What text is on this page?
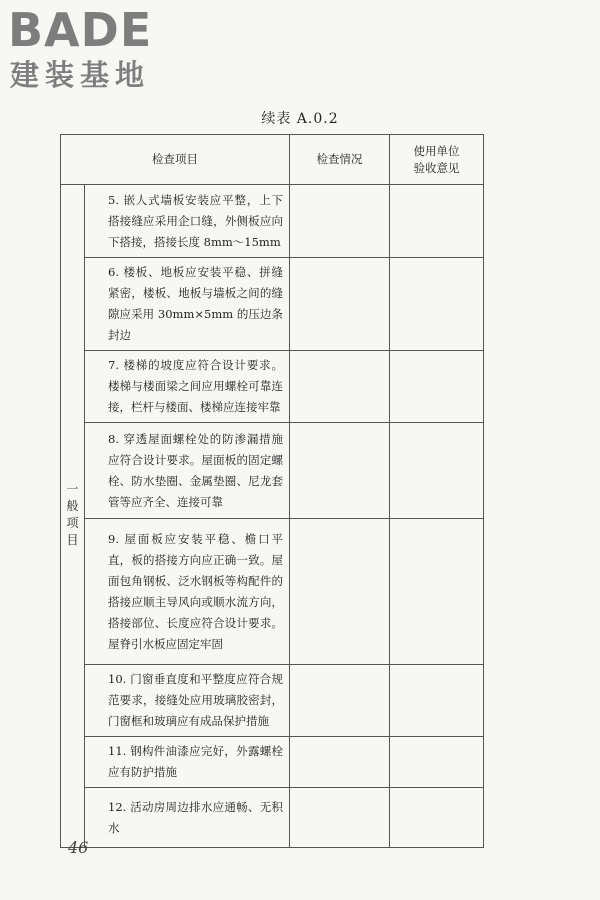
BADE
建装基地
续表 A.0.2
检查项目		检查情况	使用单位
验收意见
一般项目	5. 嵌人式墙板安装应平整，上下搭接缝应采用企口缝，外侧板应向下搭接，搭接长度 8mm～15mm		
	6. 楼板、地板应安装平稳、拼缝紧密，楼板、地板与墙板之间的缝隙应采用 30mm×5mm 的压边条封边		
	7. 楼梯的坡度应符合设计要求。楼梯与楼面梁之间应用螺栓可靠连接，栏杆与楼面、楼梯应连接牢靠		
	8. 穿透屋面螺栓处的防渗漏措施应符合设计要求。屋面板的固定螺栓、防水垫圈、金属垫圈、尼龙套管等应齐全、连接可靠		
	9. 屋面板应安装平稳、檐口平直，板的搭接方向应正确一致。屋面包角钢板、泛水钢板等构配件的搭接应顺主导风向或顺水流方向，搭接部位、长度应符合设计要求。屋脊引水板应固定牢固		
	10. 门窗垂直度和平整度应符合规范要求，接缝处应用玻璃胶密封，门窗框和玻璃应有成品保护措施		
	11. 钢构件油漆应完好，外露螺栓应有防护措施		
	12. 活动房周边排水应通畅、无积水		
46
